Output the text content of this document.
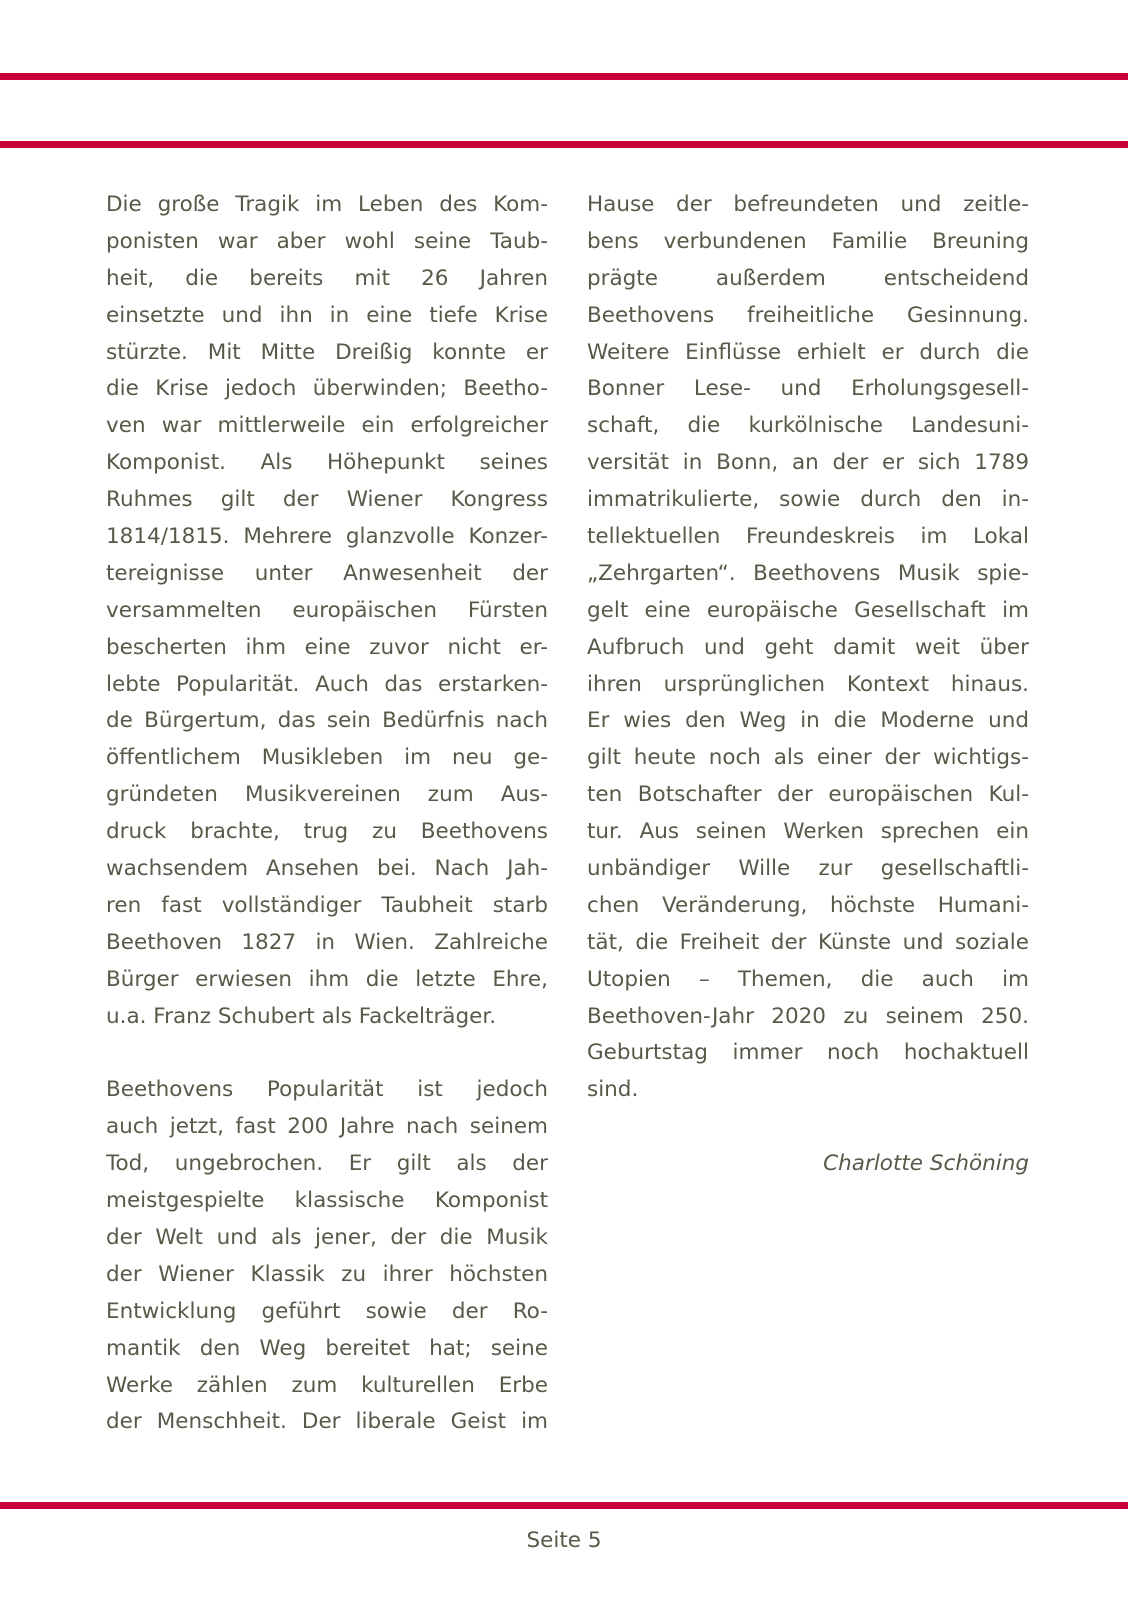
Die große Tragik im Leben des Kom-
ponisten war aber wohl seine Taub-
heit, die bereits mit 26 Jahren
einsetzte und ihn in eine tiefe Krise
stürzte. Mit Mitte Dreißig konnte er
die Krise jedoch überwinden; Beetho-
ven war mittlerweile ein erfolgreicher
Komponist. Als Höhepunkt seines
Ruhmes gilt der Wiener Kongress
1814/1815. Mehrere glanzvolle Konzer-
tereignisse unter Anwesenheit der
versammelten europäischen Fürsten
bescherten ihm eine zuvor nicht er-
lebte Popularität. Auch das erstarken-
de Bürgertum, das sein Bedürfnis nach
öffentlichem Musikleben im neu ge-
gründeten Musikvereinen zum Aus-
druck brachte, trug zu Beethovens
wachsendem Ansehen bei. Nach Jah-
ren fast vollständiger Taubheit starb
Beethoven 1827 in Wien. Zahlreiche
Bürger erwiesen ihm die letzte Ehre,
u.a. Franz Schubert als Fackelträger.
Beethovens Popularität ist jedoch
auch jetzt, fast 200 Jahre nach seinem
Tod, ungebrochen. Er gilt als der
meistgespielte klassische Komponist
der Welt und als jener, der die Musik
der Wiener Klassik zu ihrer höchsten
Entwicklung geführt sowie der Ro-
mantik den Weg bereitet hat; seine
Werke zählen zum kulturellen Erbe
der Menschheit. Der liberale Geist im
Hause der befreundeten und zeitle-
bens verbundenen Familie Breuning
prägte außerdem entscheidend
Beethovens freiheitliche Gesinnung.
Weitere Einflüsse erhielt er durch die
Bonner Lese- und Erholungsgesell-
schaft, die kurkölnische Landesuni-
versität in Bonn, an der er sich 1789
immatrikulierte, sowie durch den in-
tellektuellen Freundeskreis im Lokal
„Zehrgarten“. Beethovens Musik spie-
gelt eine europäische Gesellschaft im
Aufbruch und geht damit weit über
ihren ursprünglichen Kontext hinaus.
Er wies den Weg in die Moderne und
gilt heute noch als einer der wichtigs-
ten Botschafter der europäischen Kul-
tur. Aus seinen Werken sprechen ein
unbändiger Wille zur gesellschaftli-
chen Veränderung, höchste Humani-
tät, die Freiheit der Künste und soziale
Utopien – Themen, die auch im
Beethoven-Jahr 2020 zu seinem 250.
Geburtstag immer noch hochaktuell
sind.
Charlotte Schöning
Seite 5
